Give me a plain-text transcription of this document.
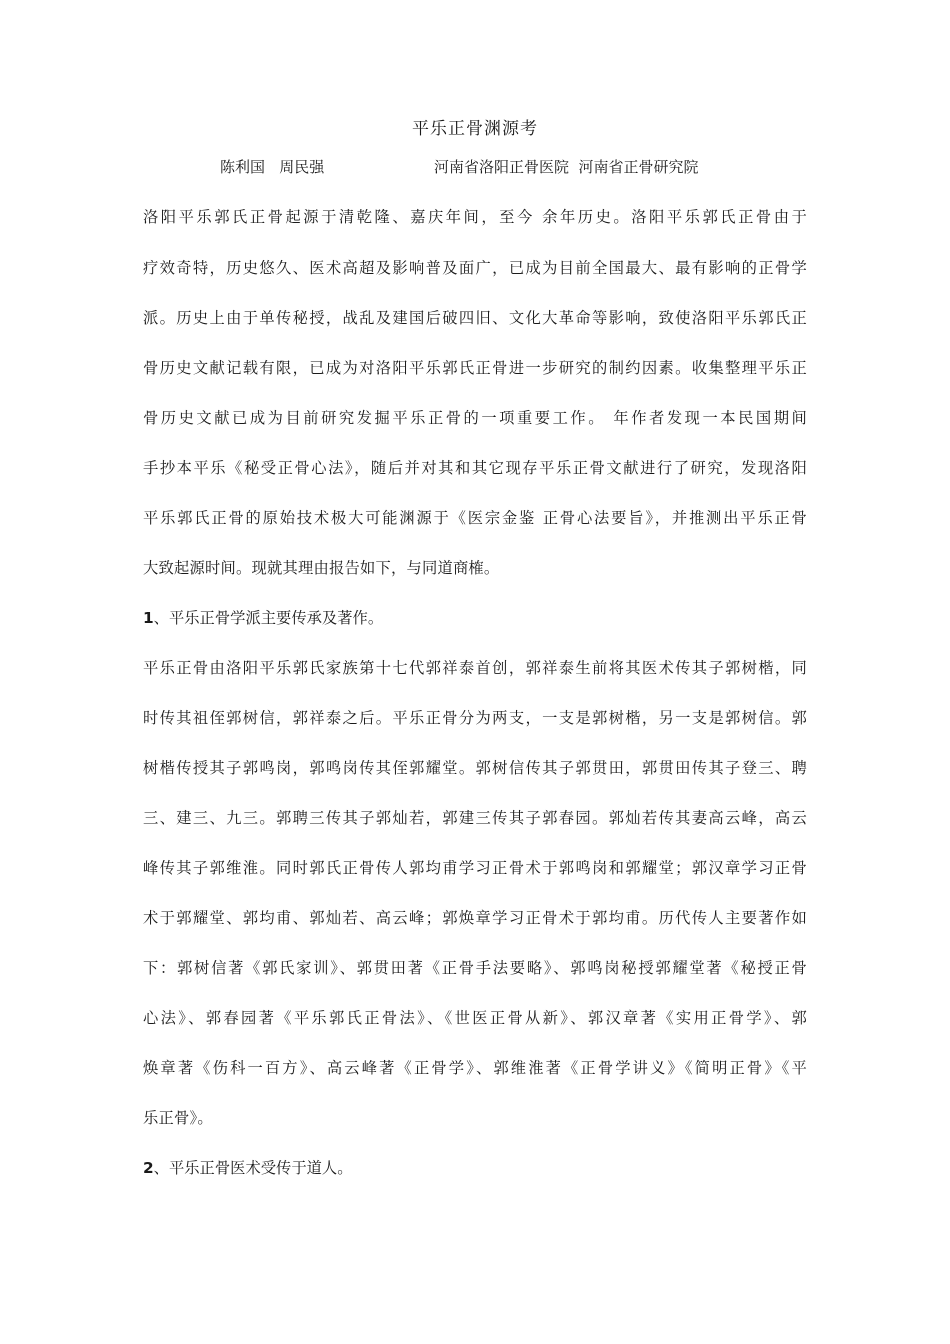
平乐正骨渊源考
陈利国   周民强	河南省洛阳正骨医院  河南省正骨研究院
洛阳平乐郭氏正骨起源于清乾隆、嘉庆年间，至今 余年历史。洛阳平乐郭氏正骨由于
疗效奇特，历史悠久、医术高超及影响普及面广，已成为目前全国最大、最有影响的正骨学
派。历史上由于单传秘授，战乱及建国后破四旧、文化大革命等影响，致使洛阳平乐郭氏正
骨历史文献记载有限，已成为对洛阳平乐郭氏正骨进一步研究的制约因素。收集整理平乐正
骨历史文献已成为目前研究发掘平乐正骨的一项重要工作。 年作者发现一本民国期间
手抄本平乐《秘受正骨心法》，随后并对其和其它现存平乐正骨文献进行了研究，发现洛阳
平乐郭氏正骨的原始技术极大可能渊源于《医宗金鉴 正骨心法要旨》，并推测出平乐正骨
大致起源时间。现就其理由报告如下，与同道商榷。
1、平乐正骨学派主要传承及著作。
平乐正骨由洛阳平乐郭氏家族第十七代郭祥泰首创，郭祥泰生前将其医术传其子郭树楷，同
时传其祖侄郭树信，郭祥泰之后。平乐正骨分为两支，一支是郭树楷，另一支是郭树信。郭
树楷传授其子郭鸣岗，郭鸣岗传其侄郭耀堂。郭树信传其子郭贯田，郭贯田传其子登三、聘
三、建三、九三。郭聘三传其子郭灿若，郭建三传其子郭春园。郭灿若传其妻高云峰，高云
峰传其子郭维淮。同时郭氏正骨传人郭均甫学习正骨术于郭鸣岗和郭耀堂；郭汉章学习正骨
术于郭耀堂、郭均甫、郭灿若、高云峰；郭焕章学习正骨术于郭均甫。历代传人主要著作如
下：郭树信著《郭氏家训》、郭贯田著《正骨手法要略》、郭鸣岗秘授郭耀堂著《秘授正骨
心法》、郭春园著《平乐郭氏正骨法》、《世医正骨从新》、郭汉章著《实用正骨学》、郭
焕章著《伤科一百方》、高云峰著《正骨学》、郭维淮著《正骨学讲义》《简明正骨》《平
乐正骨》。
2、平乐正骨医术受传于道人。
